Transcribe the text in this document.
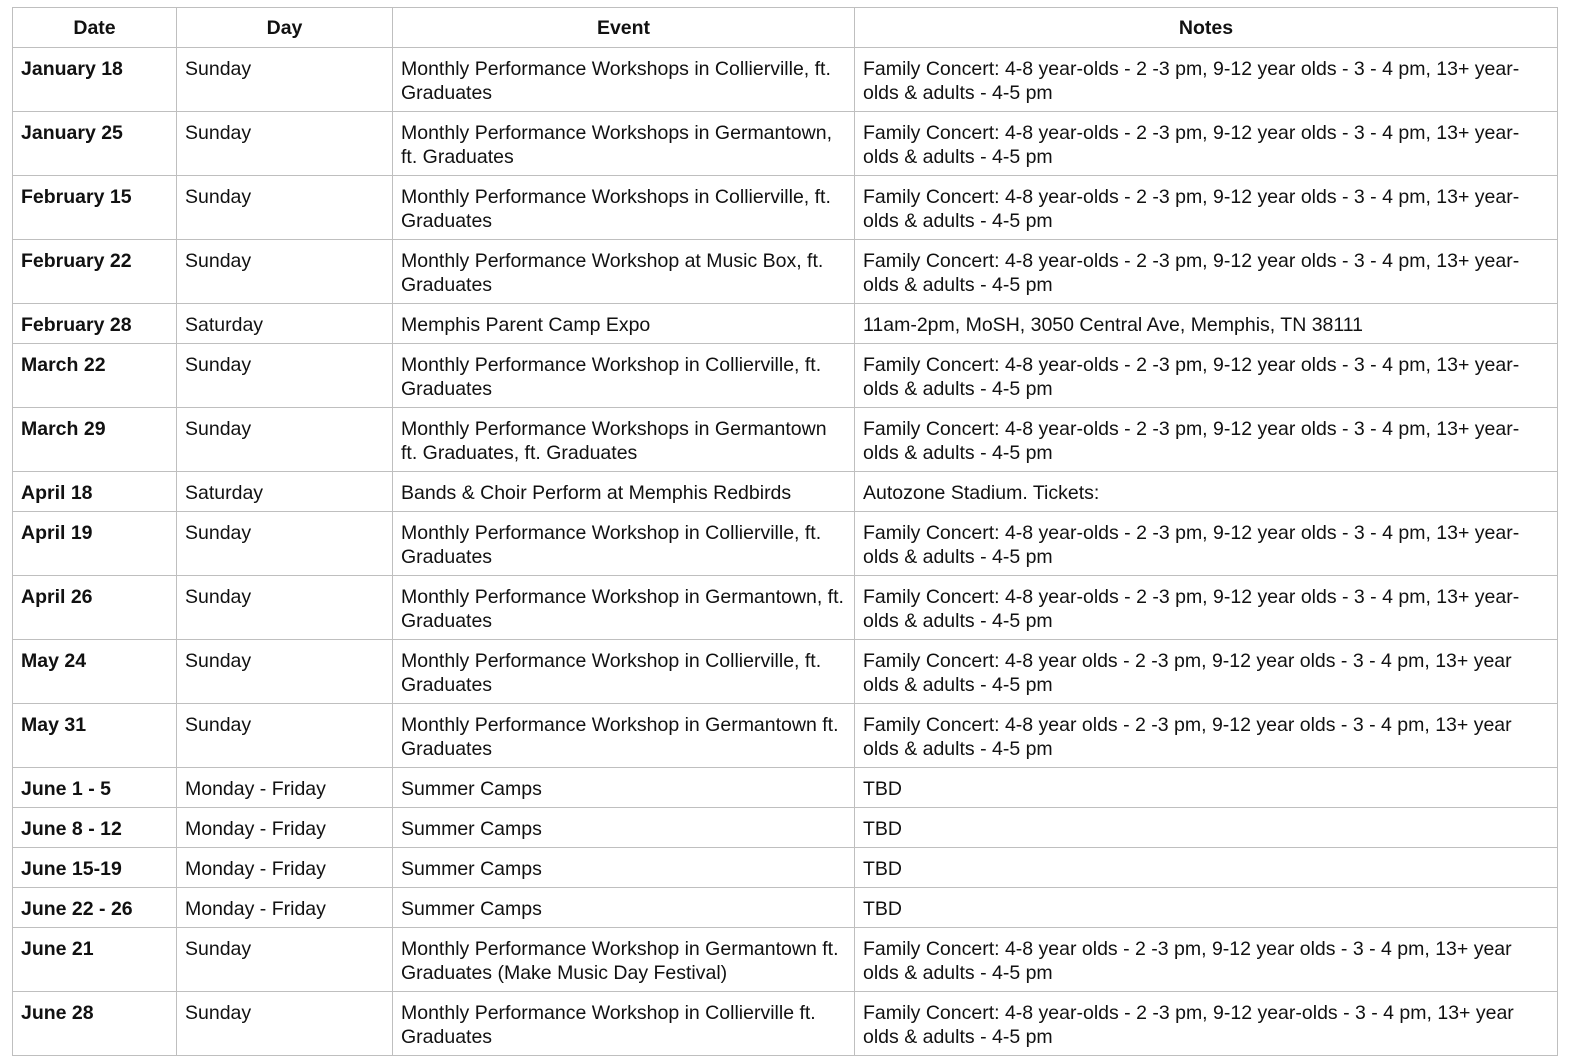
Date	Day	Event	Notes
January 18	Sunday	Monthly Performance Workshops in Collierville, ft. Graduates	Family Concert: 4-8 year-olds - 2 -3 pm, 9-12 year olds - 3 - 4 pm, 13+ year-olds & adults - 4-5 pm
January 25	Sunday	Monthly Performance Workshops in Germantown, ft. Graduates	Family Concert: 4-8 year-olds - 2 -3 pm, 9-12 year olds - 3 - 4 pm, 13+ year-olds & adults - 4-5 pm
February 15	Sunday	Monthly Performance Workshops in Collierville, ft. Graduates	Family Concert: 4-8 year-olds - 2 -3 pm, 9-12 year olds - 3 - 4 pm, 13+ year-olds & adults - 4-5 pm
February 22	Sunday	Monthly Performance Workshop at Music Box, ft. Graduates	Family Concert: 4-8 year-olds - 2 -3 pm, 9-12 year olds - 3 - 4 pm, 13+ year-olds & adults - 4-5 pm
February 28	Saturday	Memphis Parent Camp Expo	11am-2pm, MoSH, 3050 Central Ave, Memphis, TN 38111
March 22	Sunday	Monthly Performance Workshop in Collierville, ft. Graduates	Family Concert: 4-8 year-olds - 2 -3 pm, 9-12 year olds - 3 - 4 pm, 13+ year-olds & adults - 4-5 pm
March 29	Sunday	Monthly Performance Workshops in Germantown ft. Graduates, ft. Graduates	Family Concert: 4-8 year-olds - 2 -3 pm, 9-12 year olds - 3 - 4 pm, 13+ year-olds & adults - 4-5 pm
April 18	Saturday	Bands & Choir Perform at Memphis Redbirds	Autozone Stadium. Tickets:
April 19	Sunday	Monthly Performance Workshop in Collierville, ft. Graduates	Family Concert: 4-8 year-olds - 2 -3 pm, 9-12 year olds - 3 - 4 pm, 13+ year-olds & adults - 4-5 pm
April 26	Sunday	Monthly Performance Workshop in Germantown, ft. Graduates	Family Concert: 4-8 year-olds - 2 -3 pm, 9-12 year olds - 3 - 4 pm, 13+ year-olds & adults - 4-5 pm
May 24	Sunday	Monthly Performance Workshop in Collierville, ft. Graduates	Family Concert: 4-8 year olds - 2 -3 pm, 9-12 year olds - 3 - 4 pm, 13+ year olds & adults - 4-5 pm
May 31	Sunday	Monthly Performance Workshop in Germantown ft. Graduates	Family Concert: 4-8 year olds - 2 -3 pm, 9-12 year olds - 3 - 4 pm, 13+ year olds & adults - 4-5 pm
June 1 - 5	Monday - Friday	Summer Camps	TBD
June 8 - 12	Monday - Friday	Summer Camps	TBD
June 15-19	Monday - Friday	Summer Camps	TBD
June 22 - 26	Monday - Friday	Summer Camps	TBD
June 21	Sunday	Monthly Performance Workshop in Germantown ft. Graduates (Make Music Day Festival)	Family Concert: 4-8 year olds - 2 -3 pm, 9-12 year olds - 3 - 4 pm, 13+ year olds & adults - 4-5 pm
June 28	Sunday	Monthly Performance Workshop in Collierville ft. Graduates	Family Concert: 4-8 year-olds - 2 -3 pm, 9-12 year-olds - 3 - 4 pm, 13+ year olds & adults - 4-5 pm
